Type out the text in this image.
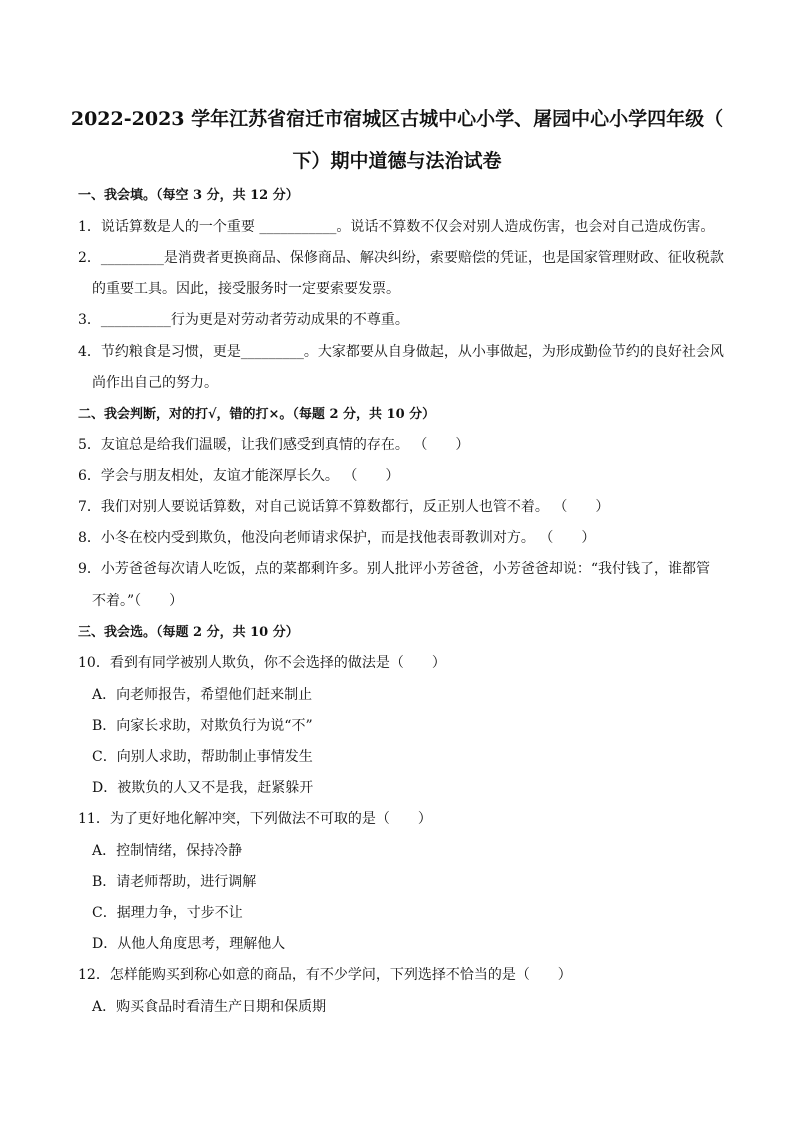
2022-2023 学年江苏省宿迁市宿城区古城中心小学、屠园中心小学四年级（
下）期中道德与法治试卷
一、我会填。（每空 3 分，共 12 分）
1．说话算数是人的一个重要 ___________。说话不算数不仅会对别人造成伤害，也会对自己造成伤害。
2．_________是消费者更换商品、保修商品、解决纠纷，索要赔偿的凭证，也是国家管理财政、征收税款
的重要工具。因此，接受服务时一定要索要发票。
3．__________行为更是对劳动者劳动成果的不尊重。
4．节约粮食是习惯，更是_________。大家都要从自身做起，从小事做起，为形成勤俭节约的良好社会风
尚作出自己的努力。
二、我会判断，对的打√，错的打×。（每题 2 分，共 10 分）
5．友谊总是给我们温暖，让我们感受到真情的存在。 （　　）
6．学会与朋友相处，友谊才能深厚长久。 （　　）
7．我们对别人要说话算数，对自己说话算不算数都行，反正别人也管不着。 （　　）
8．小冬在校内受到欺负，他没向老师请求保护，而是找他表哥教训对方。 （　　）
9．小芳爸爸每次请人吃饭，点的菜都剩许多。别人批评小芳爸爸，小芳爸爸却说：“我付钱了，谁都管
不着。”（　　）
三、我会选。（每题 2 分，共 10 分）
10．看到有同学被别人欺负，你不会选择的做法是（　　）
A．向老师报告，希望他们赶来制止
B．向家长求助，对欺负行为说“不”
C．向别人求助，帮助制止事情发生
D．被欺负的人又不是我，赶紧躲开
11．为了更好地化解冲突，下列做法不可取的是（　　）
A．控制情绪，保持冷静
B．请老师帮助，进行调解
C．据理力争，寸步不让
D．从他人角度思考，理解他人
12．怎样能购买到称心如意的商品，有不少学问，下列选择不恰当的是（　　）
A．购买食品时看清生产日期和保质期
